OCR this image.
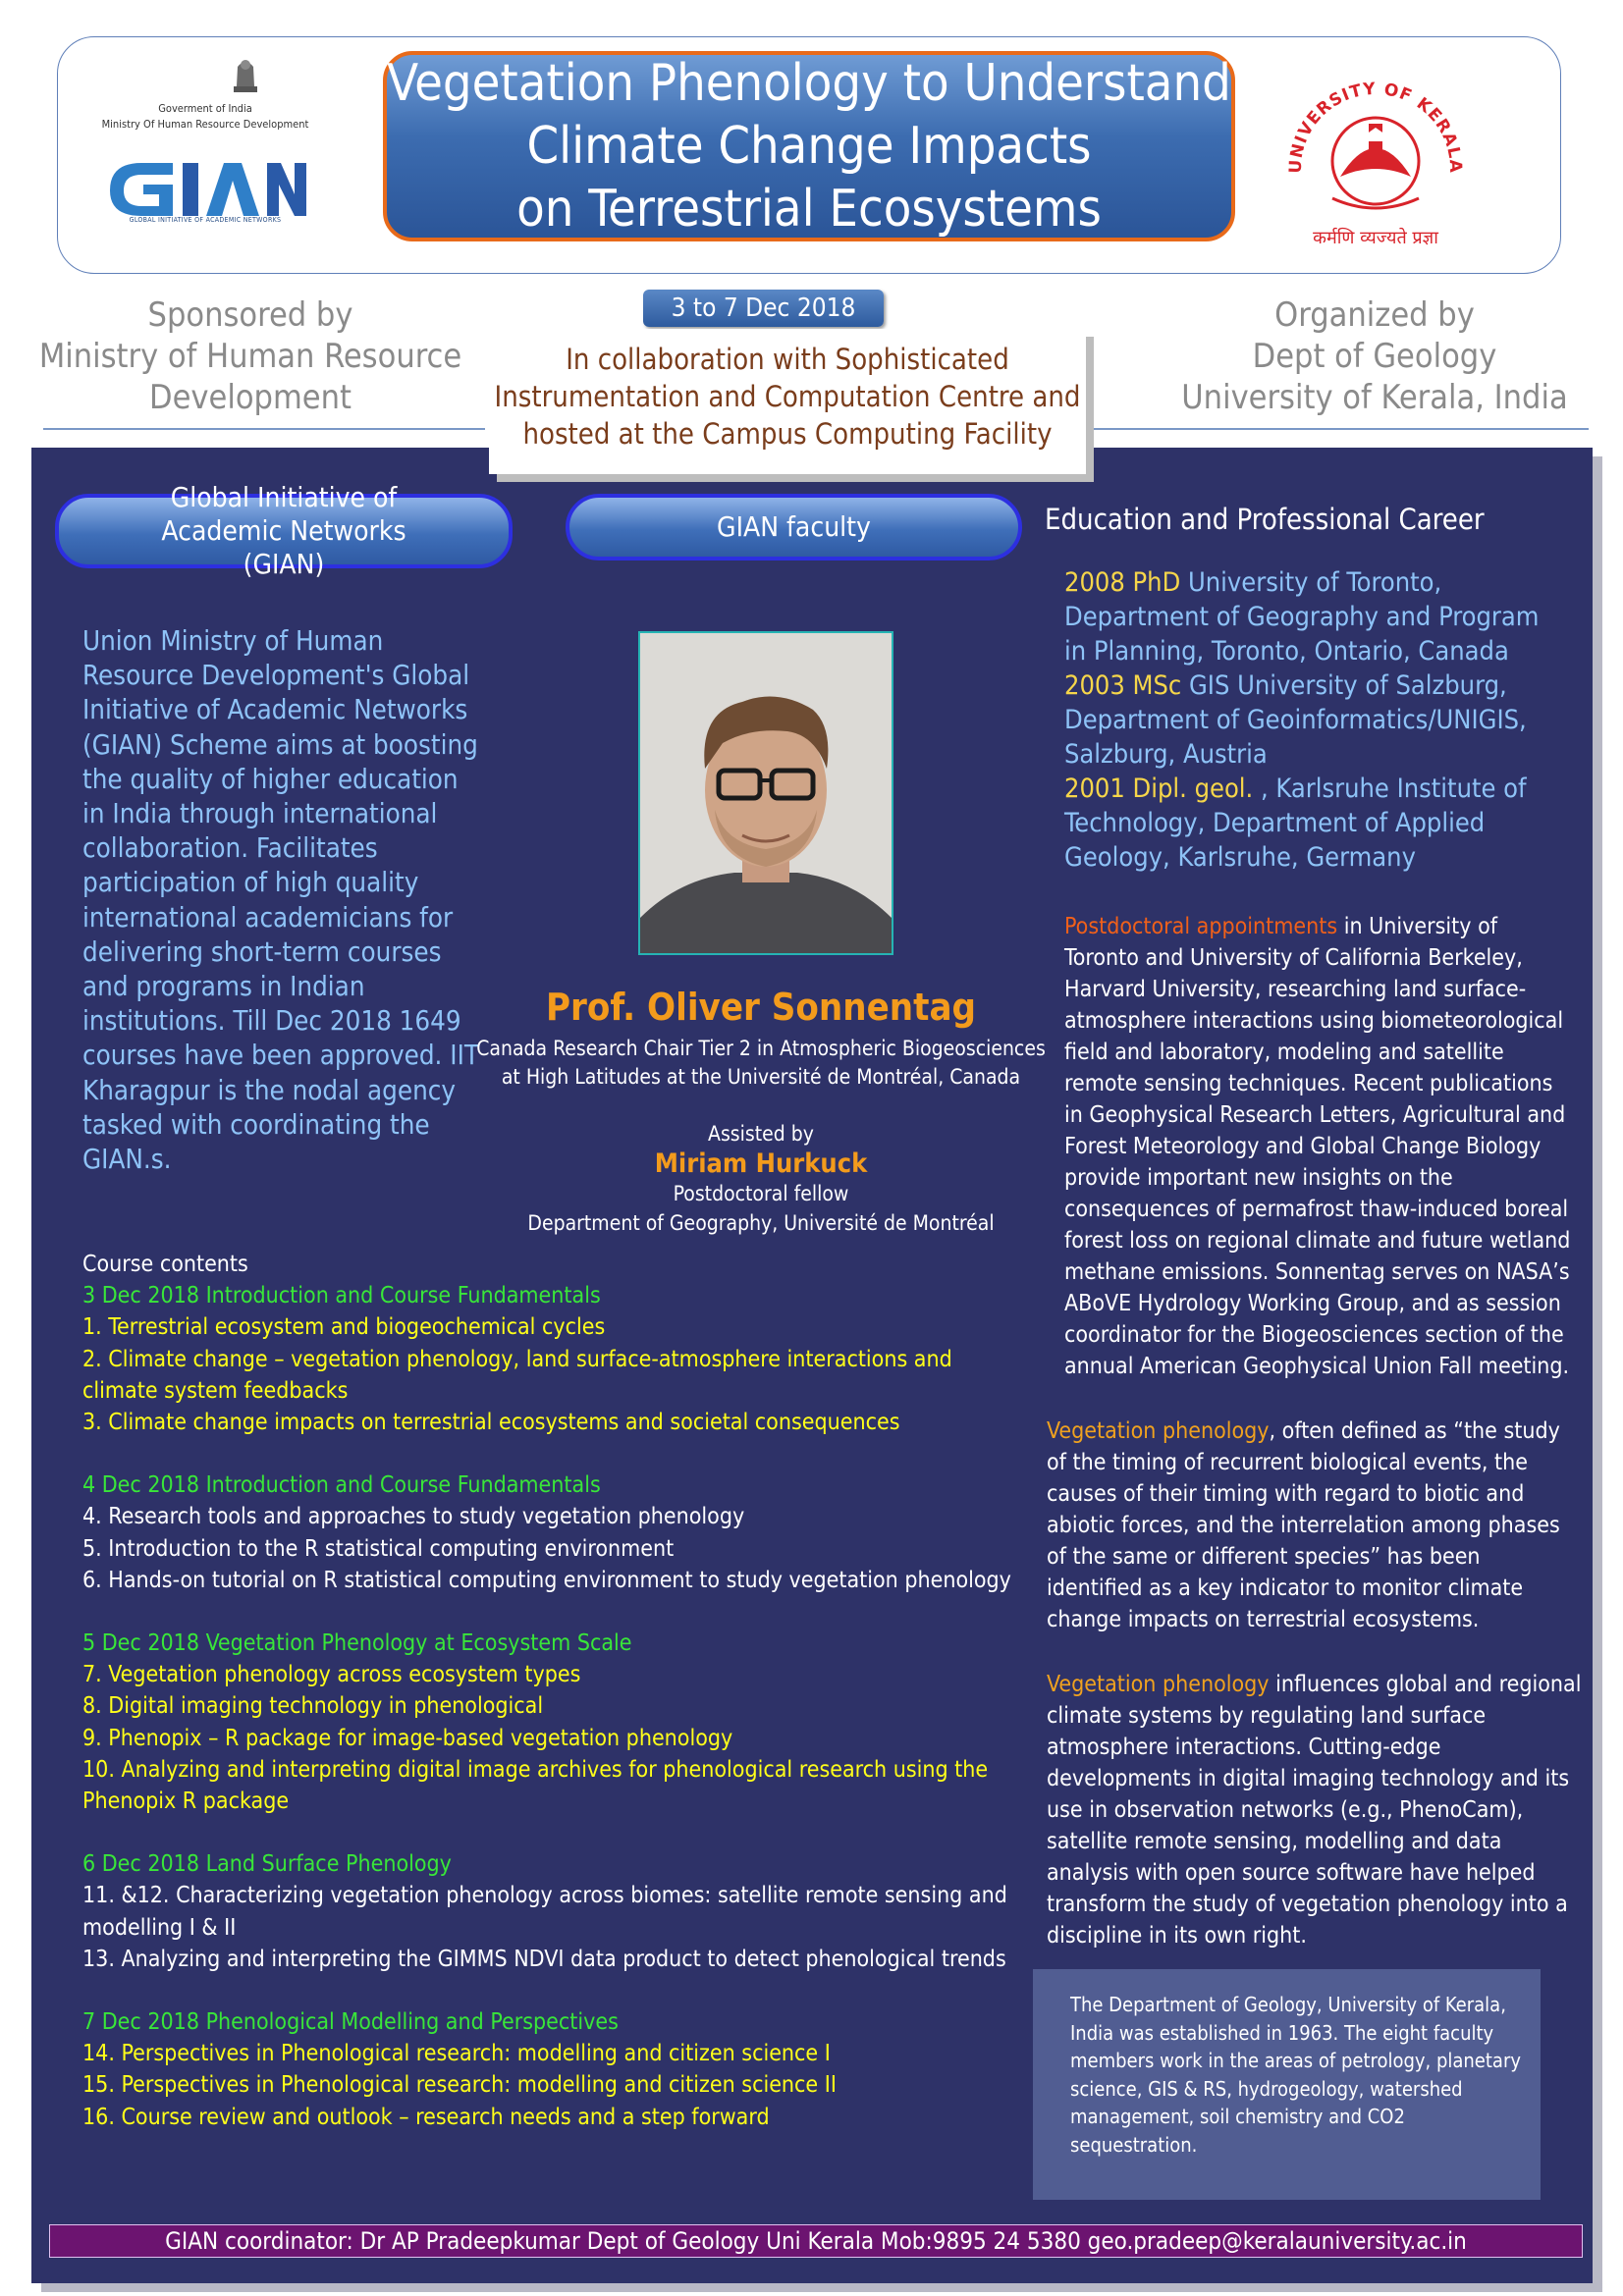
Goverment of India
Ministry Of Human Resource Development
GLOBAL INITIATIVE OF ACADEMIC NETWORKS
Vegetation Phenology to Understand
Climate Change Impacts
on Terrestrial Ecosystems
UNIVERSITY OF KERALA
कर्मणि व्यज्यते प्रज्ञा
Sponsored by
Ministry of Human Resource
Development
Organized by
Dept of Geology
University of Kerala, India
3 to 7 Dec 2018
In collaboration with Sophisticated
Instrumentation and Computation Centre and
hosted at the Campus Computing Facility
Global Initiative of Academic Networks (GIAN)
GIAN faculty	Education and Professional Career
Union Ministry of Human Resource Development's Global Initiative of Academic Networks (GIAN) Scheme aims at boosting the quality of higher education in India through international collaboration. Facilitates participation of high quality international academicians for delivering short-term courses and programs in Indian institutions. Till Dec 2018 1649 courses have been approved. IIT Kharagpur is the nodal agency tasked with coordinating the GIAN.s.
Prof. Oliver Sonnentag
Canada Research Chair Tier 2 in Atmospheric Biogeosciences
at High Latitudes at the Université de Montréal, Canada
Assisted by
Miriam Hurkuck
Postdoctoral fellow
Department of Geography, Université de Montréal
Course contents
3 Dec 2018 Introduction and Course Fundamentals
1. Terrestrial ecosystem and biogeochemical cycles
2. Climate change – vegetation phenology, land surface-atmosphere interactions and climate system feedbacks
3. Climate change impacts on terrestrial ecosystems and societal consequences
4 Dec 2018 Introduction and Course Fundamentals
4. Research tools and approaches to study vegetation phenology
5. Introduction to the R statistical computing environment
6. Hands-on tutorial on R statistical computing environment to study vegetation phenology
5 Dec 2018 Vegetation Phenology at Ecosystem Scale
7. Vegetation phenology across ecosystem types
8. Digital imaging technology in phenological
9. Phenopix – R package for image-based vegetation phenology
10. Analyzing and interpreting digital image archives for phenological research using the Phenopix R package
6 Dec 2018 Land Surface Phenology
11. &12. Characterizing vegetation phenology across biomes: satellite remote sensing and modelling I & II
13. Analyzing and interpreting the GIMMS NDVI data product to detect phenological trends
7 Dec 2018 Phenological Modelling and Perspectives
14. Perspectives in Phenological research: modelling and citizen science I
15. Perspectives in Phenological research: modelling and citizen science II
16. Course review and outlook – research needs and a step forward
2008 PhD University of Toronto, Department of Geography and Program in Planning, Toronto, Ontario, Canada
2003 MSc GIS University of Salzburg, Department of Geoinformatics/UNIGIS, Salzburg, Austria
2001 Dipl. geol. , Karlsruhe Institute of Technology, Department of Applied Geology, Karlsruhe, Germany
Postdoctoral appointments in University of Toronto and University of California Berkeley, Harvard University, researching land surface-atmosphere interactions using biometeorological field and laboratory, modeling and satellite remote sensing techniques. Recent publications in Geophysical Research Letters, Agricultural and Forest Meteorology and Global Change Biology provide important new insights on the consequences of permafrost thaw-induced boreal forest loss on regional climate and future wetland methane emissions. Sonnentag serves on NASA’s ABoVE Hydrology Working Group, and as session coordinator for the Biogeosciences section of the annual American Geophysical Union Fall meeting.
Vegetation phenology, often defined as “the study of the timing of recurrent biological events, the causes of their timing with regard to biotic and abiotic forces, and the interrelation among phases of the same or different species” has been identified as a key indicator to monitor climate change impacts on terrestrial ecosystems.
Vegetation phenology influences global and regional climate systems by regulating land surface atmosphere interactions. Cutting-edge developments in digital imaging technology and its use in observation networks (e.g., PhenoCam), satellite remote sensing, modelling and data analysis with open source software have helped transform the study of vegetation phenology into a discipline in its own right.
The Department of Geology, University of Kerala, India was established in 1963. The eight faculty members work in the areas of petrology, planetary science, GIS & RS, hydrogeology, watershed management, soil chemistry and CO2 sequestration.
GIAN coordinator: Dr AP Pradeepkumar Dept of Geology Uni Kerala Mob:9895 24 5380 geo.pradeep@keralauniversity.ac.in
